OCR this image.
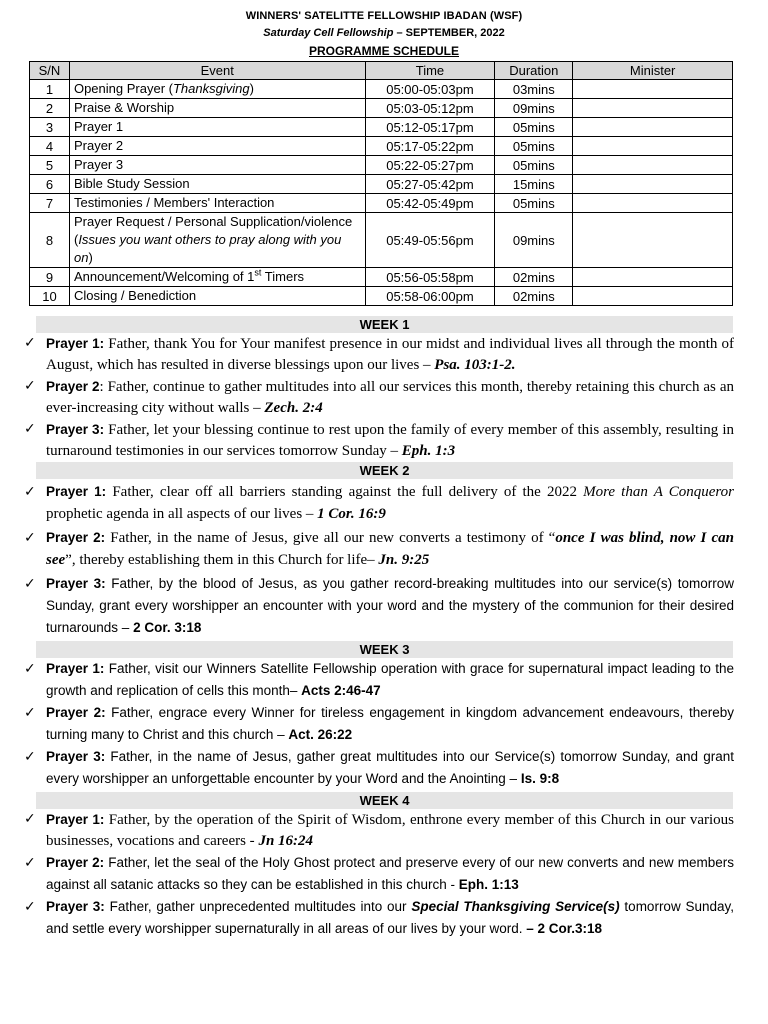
WINNERS' SATELITTE FELLOWSHIP IBADAN (WSF)
Saturday Cell Fellowship – SEPTEMBER, 2022
PROGRAMME SCHEDULE
S/N	Event	Time	Duration	Minister
1	Opening Prayer (Thanksgiving)	05:00-05:03pm	03mins	
2	Praise & Worship	05:03-05:12pm	09mins	
3	Prayer 1	05:12-05:17pm	05mins	
4	Prayer 2	05:17-05:22pm	05mins	
5	Prayer 3	05:22-05:27pm	05mins	
6	Bible Study Session	05:27-05:42pm	15mins	
7	Testimonies / Members' Interaction	05:42-05:49pm	05mins	
8	Prayer Request / Personal Supplication/violence (Issues you want others to pray along with you on)	05:49-05:56pm	09mins	
9	Announcement/Welcoming of 1st Timers	05:56-05:58pm	02mins	
10	Closing / Benediction	05:58-06:00pm	02mins	
WEEK 1
✓ Prayer 1: Father, thank You for Your manifest presence in our midst and individual lives all through the month of August, which has resulted in diverse blessings upon our lives – Psa. 103:1-2.
✓ Prayer 2: Father, continue to gather multitudes into all our services this month, thereby retaining this church as an ever-increasing city without walls – Zech. 2:4
✓ Prayer 3: Father, let your blessing continue to rest upon the family of every member of this assembly, resulting in turnaround testimonies in our services tomorrow Sunday – Eph. 1:3
WEEK 2
✓ Prayer 1: Father, clear off all barriers standing against the full delivery of the 2022 More than A Conqueror prophetic agenda in all aspects of our lives – 1 Cor. 16:9
✓ Prayer 2: Father, in the name of Jesus, give all our new converts a testimony of “once I was blind, now I can see”, thereby establishing them in this Church for life– Jn. 9:25
✓ Prayer 3: Father, by the blood of Jesus, as you gather record-breaking multitudes into our service(s) tomorrow Sunday, grant every worshipper an encounter with your word and the mystery of the communion for their desired turnarounds – 2 Cor. 3:18
WEEK 3
✓ Prayer 1: Father, visit our Winners Satellite Fellowship operation with grace for supernatural impact leading to the growth and replication of cells this month– Acts 2:46-47
✓ Prayer 2: Father, engrace every Winner for tireless engagement in kingdom advancement endeavours, thereby turning many to Christ and this church – Act. 26:22
✓ Prayer 3: Father, in the name of Jesus, gather great multitudes into our Service(s) tomorrow Sunday, and grant every worshipper an unforgettable encounter by your Word and the Anointing – Is. 9:8
WEEK 4
✓ Prayer 1: Father, by the operation of the Spirit of Wisdom, enthrone every member of this Church in our various businesses, vocations and careers - Jn 16:24
✓ Prayer 2: Father, let the seal of the Holy Ghost protect and preserve every of our new converts and new members against all satanic attacks so they can be established in this church - Eph. 1:13
✓ Prayer 3: Father, gather unprecedented multitudes into our Special Thanksgiving Service(s) tomorrow Sunday, and settle every worshipper supernaturally in all areas of our lives by your word. – 2 Cor.3:18
